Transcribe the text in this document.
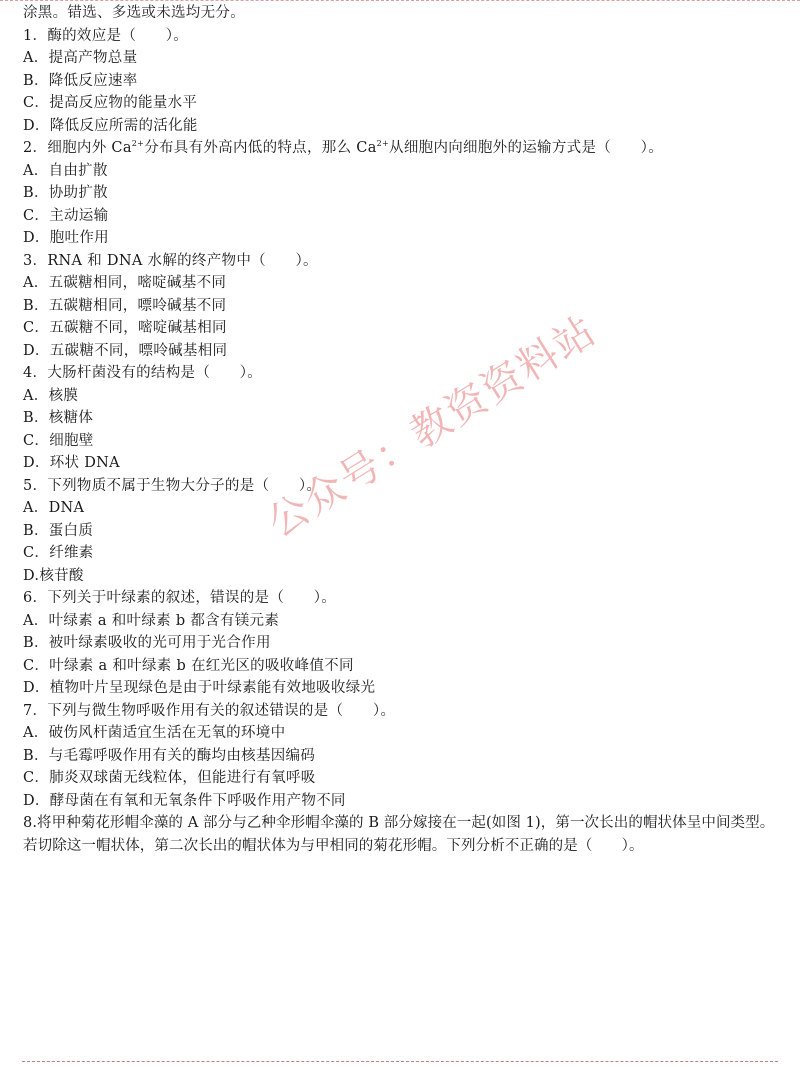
涂黑。错选、多选或未选均无分。
1．酶的效应是（　　）。
A．提高产物总量
B．降低反应速率
C．提高反应物的能量水平
D．降低反应所需的活化能
2．细胞内外 $Ca^{2+}$分布具有外高内低的特点，那么 $Ca^{2+}$从细胞内向细胞外的运输方式是（　　）。
A．自由扩散
B．协助扩散
C．主动运输
D．胞吐作用
3．RNA 和 DNA 水解的终产物中（　　）。
A．五碳糖相同，嘧啶碱基不同
B．五碳糖相同，嘌呤碱基不同
C．五碳糖不同，嘧啶碱基相同
D．五碳糖不同，嘌呤碱基相同
4．大肠杆菌没有的结构是（　　）。
A．核膜
B．核糖体
C．细胞壁
D．环状 DNA
5．下列物质不属于生物大分子的是（　　）。
A．DNA
B．蛋白质
C．纤维素
D.核苷酸
6．下列关于叶绿素的叙述，错误的是（　　）。
A．叶绿素 a 和叶绿素 b 都含有镁元素
B．被叶绿素吸收的光可用于光合作用
C．叶绿素 a 和叶绿素 b 在红光区的吸收峰值不同
D．植物叶片呈现绿色是由于叶绿素能有效地吸收绿光
7．下列与微生物呼吸作用有关的叙述错误的是（　　）。
A．破伤风杆菌适宜生活在无氧的环境中
B．与毛霉呼吸作用有关的酶均由核基因编码
C．肺炎双球菌无线粒体，但能进行有氧呼吸
D．酵母菌在有氧和无氧条件下呼吸作用产物不同
8.将甲种菊花形帽伞藻的 A 部分与乙种伞形帽伞藻的 B 部分嫁接在一起(如图 1)，第一次长出的帽状体呈中间类型。
若切除这一帽状体，第二次长出的帽状体为与甲相同的菊花形帽。下列分析不正确的是（　　）。
公众号：教资资料站
